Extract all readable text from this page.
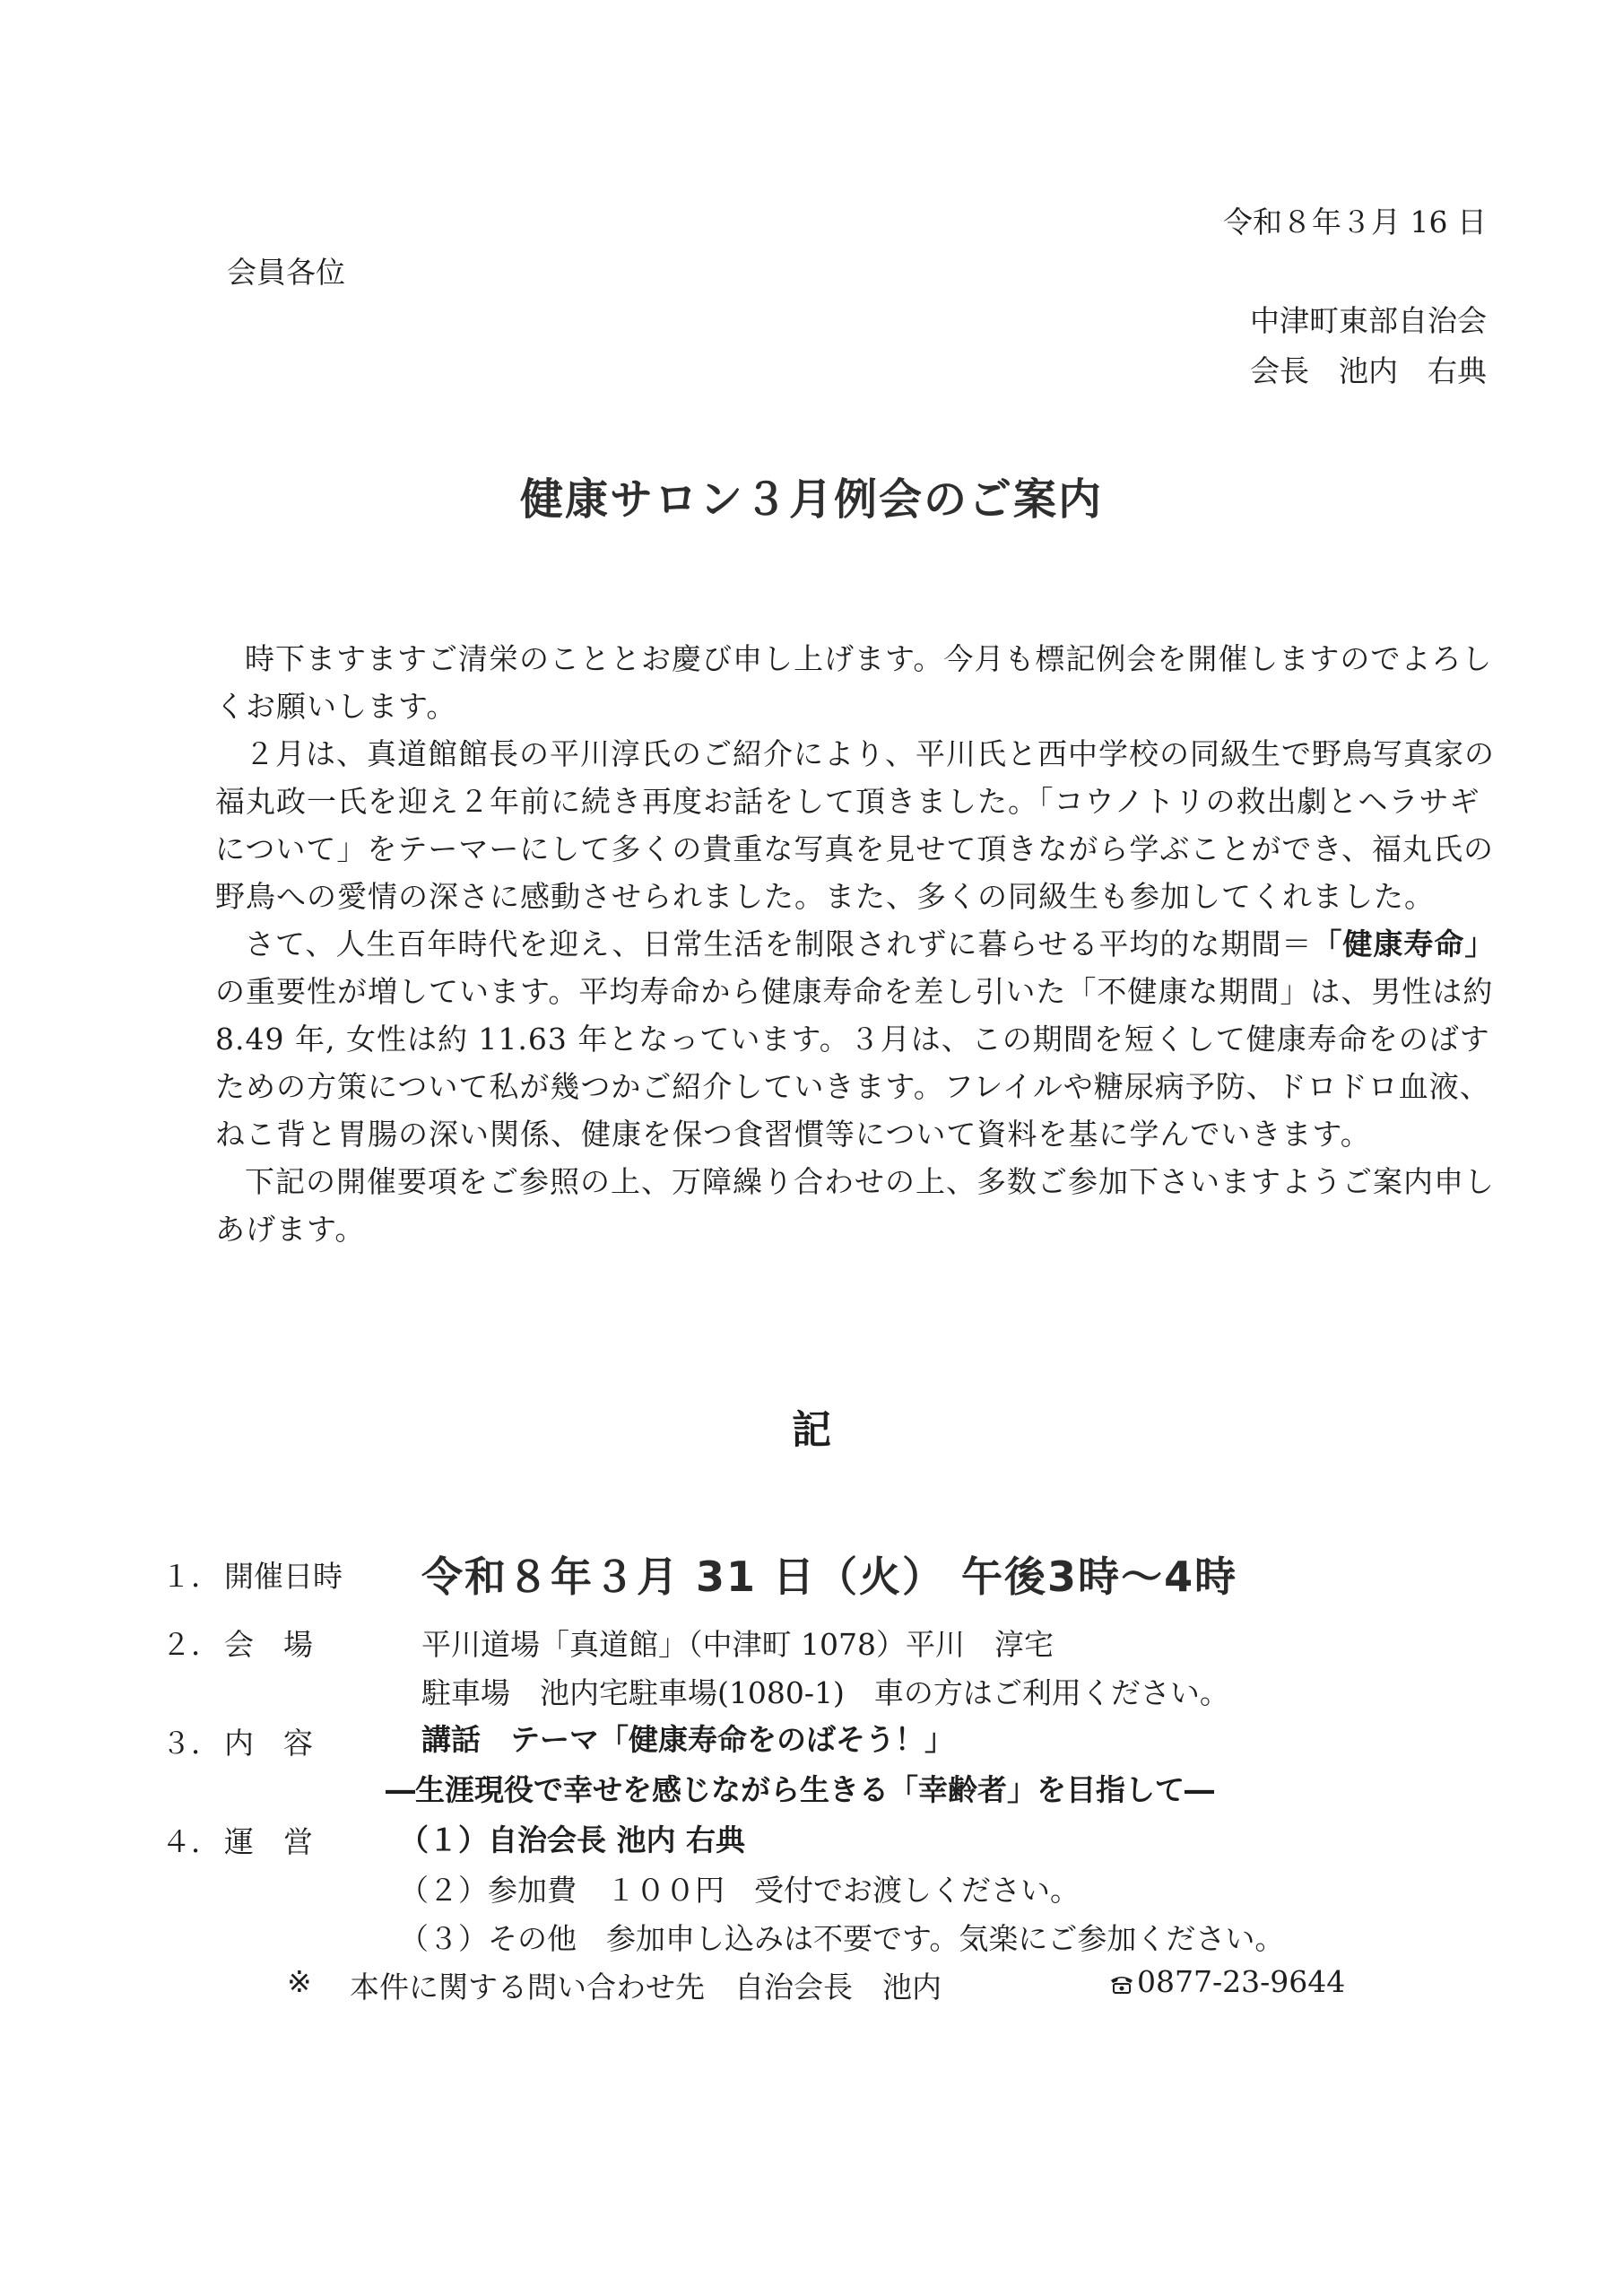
令和８年３月 16 日
会員各位
中津町東部自治会
会長　池内　右典
健康サロン３月例会のご案内

時下ますますご清栄のこととお慶び申し上げます。今月も標記例会を開催しますのでよろしくお願いします。

２月は、真道館館長の平川淳氏のご紹介により、平川氏と西中学校の同級生で野鳥写真家の福丸政一氏を迎え２年前に続き再度お話をして頂きました。「コウノトリの救出劇とヘラサギについて」をテーマーにして多くの貴重な写真を見せて頂きながら学ぶことができ、福丸氏の野鳥への愛情の深さに感動させられました。また、多くの同級生も参加してくれました。

さて、人生百年時代を迎え、日常生活を制限されずに暮らせる平均的な期間＝「健康寿命」の重要性が増しています。平均寿命から健康寿命を差し引いた「不健康な期間」は、男性は約 8.49 年, 女性は約 11.63 年となっています。３月は、この期間を短くして健康寿命をのばすための方策について私が幾つかご紹介していきます。フレイルや糖尿病予防、ドロドロ血液、ねこ背と胃腸の深い関係、健康を保つ食習慣等について資料を基に学んでいきます。

下記の開催要項をご参照の上、万障繰り合わせの上、多数ご参加下さいますようご案内申しあげます。

記
１． 開催日時 令和８年３月 31 日（火） 午後3時～4時
２． 会　場	平川道場「真道館」（中津町 1078）平川　淳宅
駐車場　池内宅駐車場(1080-1)　車の方はご利用ください。
３． 内　容	講話　テーマ「健康寿命をのばそう！」
―生涯現役で幸せを感じながら生きる「幸齢者」を目指して―
４． 運　営	（１）自治会長 池内 右典
（２）参加費　１００円　受付でお渡しください。
（３）その他　参加申し込みは不要です。気楽にご参加ください。
※ 本件に関する問い合わせ先　自治会長　池内	0877-23-9644
